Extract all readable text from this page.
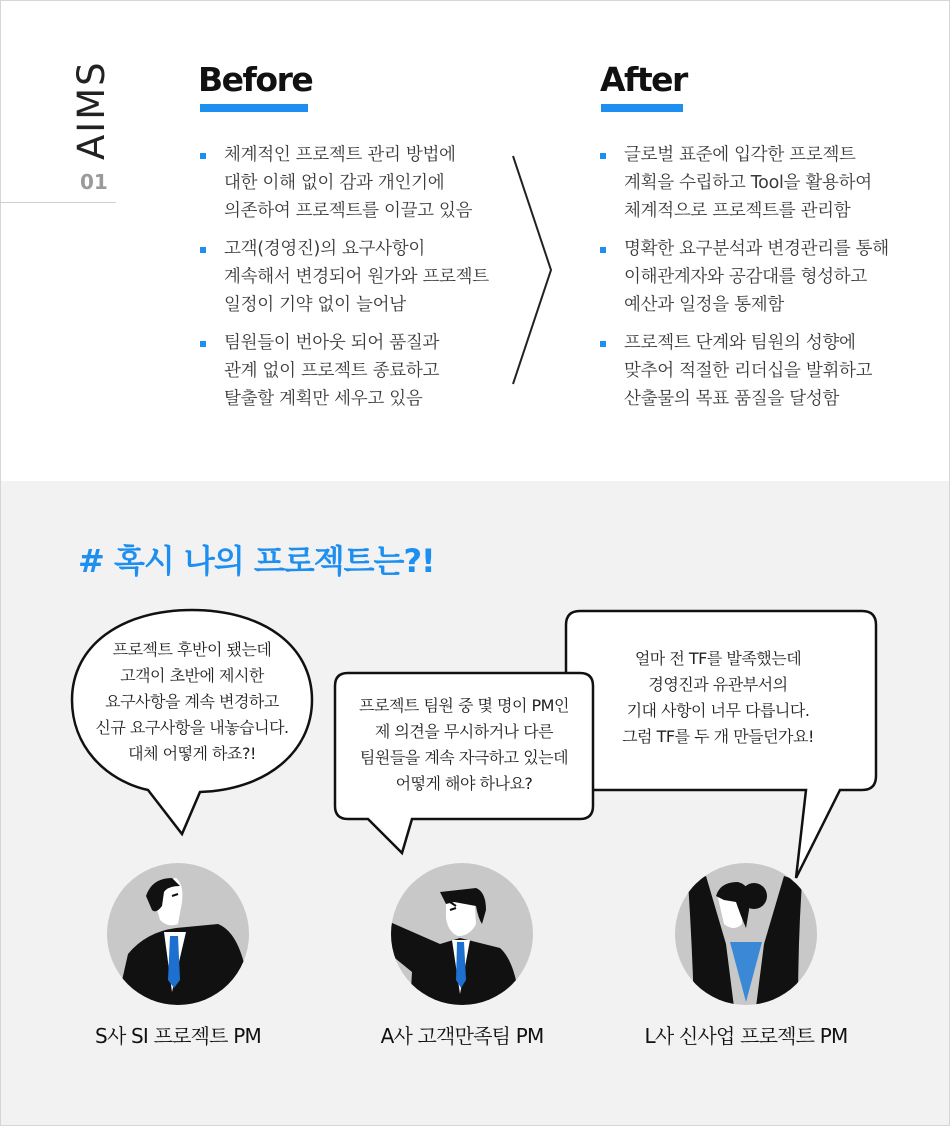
AIMS
01
Before
체계적인 프로젝트 관리 방법에
대한 이해 없이 감과 개인기에
의존하여 프로젝트를 이끌고 있음
고객(경영진)의 요구사항이
계속해서 변경되어 원가와 프로젝트
일정이 기약 없이 늘어남
팀원들이 번아웃 되어 품질과
관계 없이 프로젝트 종료하고
탈출할 계획만 세우고 있음
After
글로벌 표준에 입각한 프로젝트
계획을 수립하고 Tool을 활용하여
체계적으로 프로젝트를 관리함
명확한 요구분석과 변경관리를 통해
이해관계자와 공감대를 형성하고
예산과 일정을 통제함
프로젝트 단계와 팀원의 성향에
맞추어 적절한 리더십을 발휘하고
산출물의 목표 품질을 달성함
# 혹시 나의 프로젝트는?!
프로젝트 후반이 됐는데
고객이 초반에 제시한
요구사항을 계속 변경하고
신규 요구사항을 내놓습니다.
대체 어떻게 하죠?!
프로젝트 팀원 중 몇 명이 PM인
제 의견을 무시하거나 다른
팀원들을 계속 자극하고 있는데
어떻게 해야 하나요?
얼마 전 TF를 발족했는데
경영진과 유관부서의
기대 사항이 너무 다릅니다.
그럼 TF를 두 개 만들던가요!
S사 SI 프로젝트 PM	A사 고객만족팀 PM	L사 신사업 프로젝트 PM
